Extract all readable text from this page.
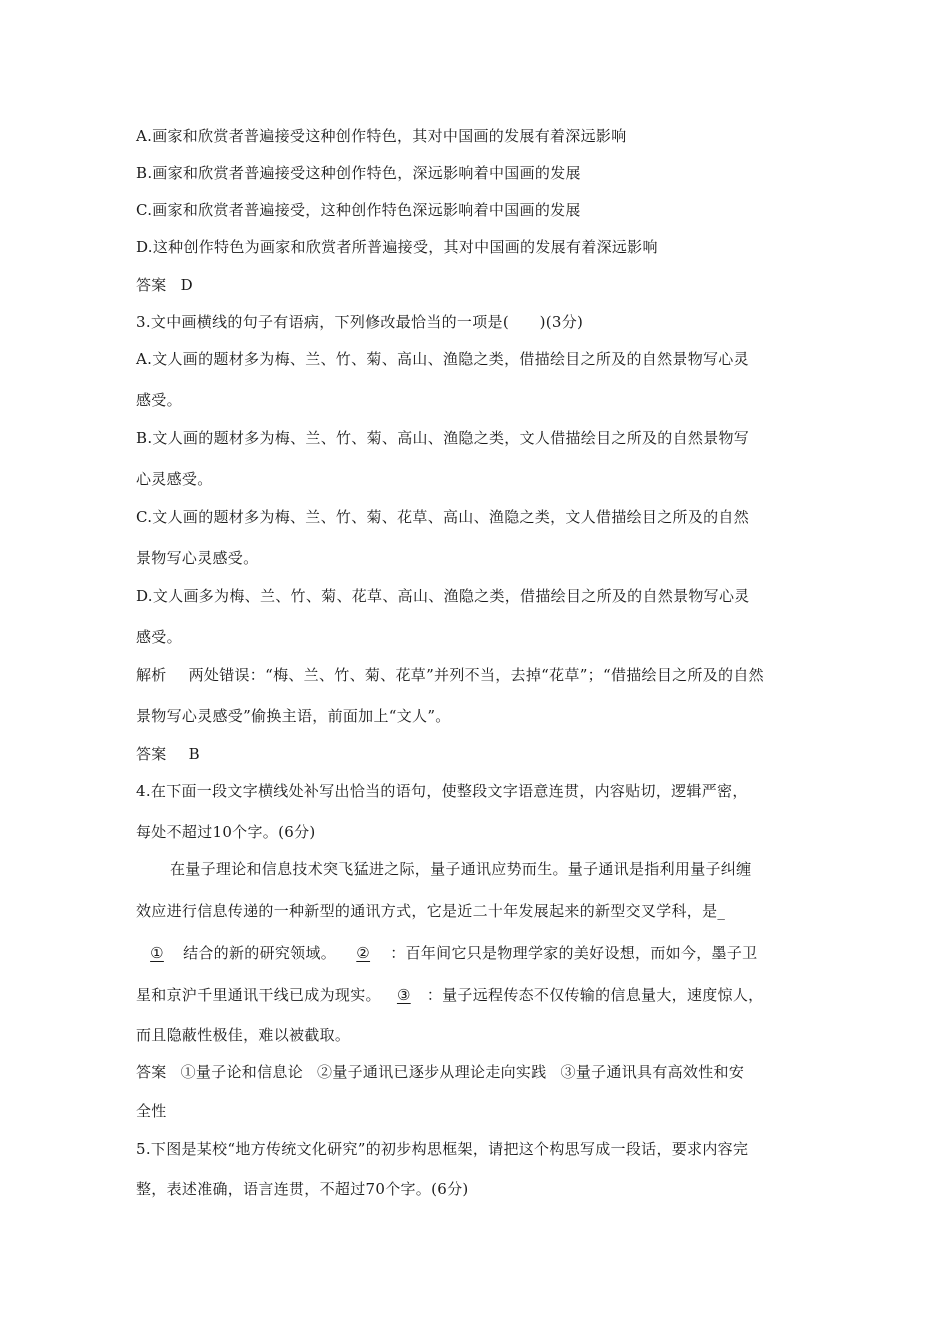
A.画家和欣赏者普遍接受这种创作特色，其对中国画的发展有着深远影响
B.画家和欣赏者普遍接受这种创作特色，深远影响着中国画的发展
C.画家和欣赏者普遍接受，这种创作特色深远影响着中国画的发展
D.这种创作特色为画家和欣赏者所普遍接受，其对中国画的发展有着深远影响
答案 D
3.文中画横线的句子有语病，下列修改最恰当的一项是(　　)(3分)
A.文人画的题材多为梅、兰、竹、菊、高山、渔隐之类，借描绘目之所及的自然景物写心灵
感受。
B.文人画的题材多为梅、兰、竹、菊、高山、渔隐之类，文人借描绘目之所及的自然景物写
心灵感受。
C.文人画的题材多为梅、兰、竹、菊、花草、高山、渔隐之类，文人借描绘目之所及的自然
景物写心灵感受。
D.文人画多为梅、兰、竹、菊、花草、高山、渔隐之类，借描绘目之所及的自然景物写心灵
感受。
解析 两处错误：“梅、兰、竹、菊、花草”并列不当，去掉“花草”；“借描绘目之所及的自然
景物写心灵感受”偷换主语，前面加上“文人”。
答案 B
4.在下面一段文字横线处补写出恰当的语句，使整段文字语意连贯，内容贴切，逻辑严密，
每处不超过10个字。(6分)
在量子理论和信息技术突飞猛进之际，量子通讯应势而生。量子通讯是指利用量子纠缠
效应进行信息传递的一种新型的通讯方式，它是近二十年发展起来的新型交叉学科，是_
① 结合的新的研究领域。 ② ：百年间它只是物理学家的美好设想，而如今，墨子卫
星和京沪千里通讯干线已成为现实。 ③ ：量子远程传态不仅传输的信息量大，速度惊人，
而且隐蔽性极佳，难以被截取。
答案 ①量子论和信息论 ②量子通讯已逐步从理论走向实践 ③量子通讯具有高效性和安
全性
5.下图是某校“地方传统文化研究”的初步构思框架，请把这个构思写成一段话，要求内容完
整，表述准确，语言连贯，不超过70个字。(6分)
